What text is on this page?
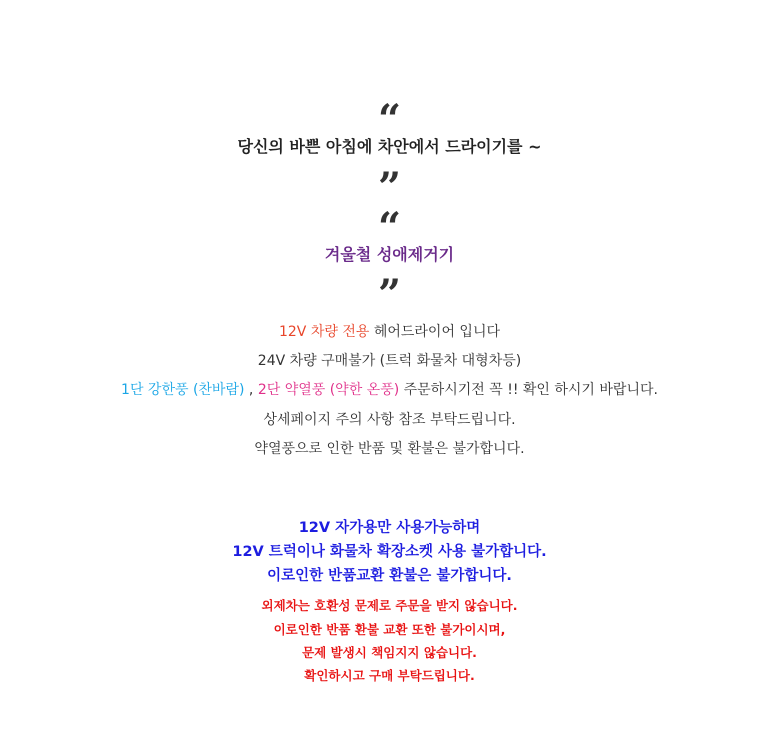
“
당신의 바쁜 아침에 차안에서 드라이기를 ~
”
“
겨울철 성애제거기
”
12V 차량 전용 헤어드라이어 입니다
24V 차량 구매불가 (트럭 화물차 대형차등)
1단 강한풍 (찬바람) , 2단 약열풍 (약한 온풍) 주문하시기전 꼭 !! 확인 하시기 바랍니다.
상세페이지 주의 사항 참조 부탁드립니다.
약열풍으로 인한 반품 및 환불은 불가합니다.
12V 자가용만 사용가능하며
12V 트럭이나 화물차 확장소켓 사용 불가합니다.
이로인한 반품교환 환불은 불가합니다.
외제차는 호환성 문제로 주문을 받지 않습니다.
이로인한 반품 환불 교환 또한 불가이시며,
문제 발생시 책임지지 않습니다.
확인하시고 구매 부탁드립니다.
